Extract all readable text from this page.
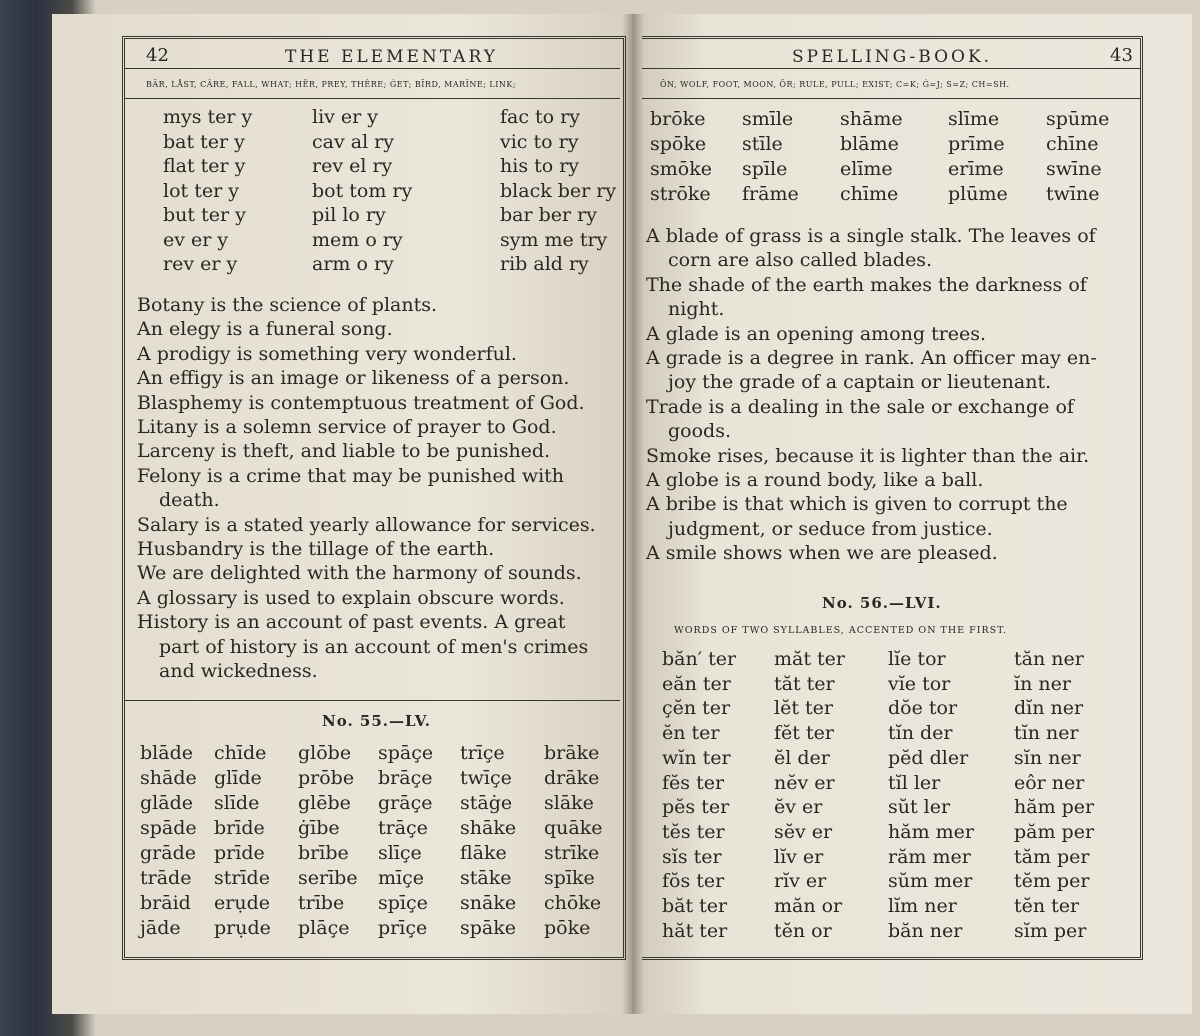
42	THE ELEMENTARY
BÄR, LÅST, CÂRE, FALL, WHAT; HĒR, PREY, THÊRE; ĠET; BĨRD, MARÏNE; LINK;
mys ter y
bat ter y
flat ter y
lot ter y
but ter y
ev er y
rev er y
liv er y
cav al ry
rev el ry
bot tom ry
pil lo ry
mem o ry
arm o ry
fac to ry
vic to ry
his to ry
black ber ry
bar ber ry
sym me try
rib ald ry
Botany is the science of plants.
An elegy is a funeral song.
A prodigy is something very wonderful.
An effigy is an image or likeness of a person.
Blasphemy is contemptuous treatment of God.
Litany is a solemn service of prayer to God.
Larceny is theft, and liable to be punished.
Felony is a crime that may be punished with
death.
Salary is a stated yearly allowance for services.
Husbandry is the tillage of the earth.
We are delighted with the harmony of sounds.
A glossary is used to explain obscure words.
History is an account of past events. A great
part of history is an account of men's crimes
and wickedness.
No. 55.—LV.
blāde
shāde
glāde
spāde
grāde
trāde
brāid
jāde
chīde
glīde
slīde
brīde
prīde
strīde
erụde
prụde
glōbe
prōbe
glēbe
ġībe
brībe
serībe
trībe
plāçe
spāçe
brāçe
grāçe
trāçe
slīçe
mīçe
spīçe
prīçe
trīçe
twīçe
stāġe
shāke
flāke
stāke
snāke
spāke
brāke
drāke
slāke
quāke
strīke
spīke
chōke
pōke
SPELLING-BOOK.	43
ÔN, WOLF, FOOT, MOON, ÔR; RULE, PULL; EXIST; C=K; Ġ=J; S=Z; CH=SH.
brōke
spōke
smōke
strōke
smīle
stīle
spīle
frāme
shāme
blāme
elīme
chīme
slīme
prīme
erīme
plūme
spūme
chīne
swīne
twīne
A blade of grass is a single stalk. The leaves of
corn are also called blades.
The shade of the earth makes the darkness of
night.
A glade is an opening among trees.
A grade is a degree in rank. An officer may en-
joy the grade of a captain or lieutenant.
Trade is a dealing in the sale or exchange of
goods.
Smoke rises, because it is lighter than the air.
A globe is a round body, like a ball.
A bribe is that which is given to corrupt the
judgment, or seduce from justice.
A smile shows when we are pleased.
No. 56.—LVI.
WORDS OF TWO SYLLABLES, ACCENTED ON THE FIRST.
băn′ ter
eăn ter
çĕn ter
ĕn ter
wĭn ter
fĕs ter
pĕs ter
tĕs ter
sĭs ter
fŏs ter
băt ter
hăt ter
măt ter
tăt ter
lĕt ter
fĕt ter
ĕl der
nĕv er
ĕv er
sĕv er
lĭv er
rĭv er
măn or
tĕn or
lĭe tor
vĭe tor
dŏe tor
tĭn der
pĕd dler
tĭl ler
sŭt ler
hăm mer
răm mer
sŭm mer
lĭm ner
băn ner
tăn ner
ĭn ner
dĭn ner
tĭn ner
sĭn ner
eôr ner
hăm per
păm per
tăm per
tĕm per
tĕn ter
sĭm per
